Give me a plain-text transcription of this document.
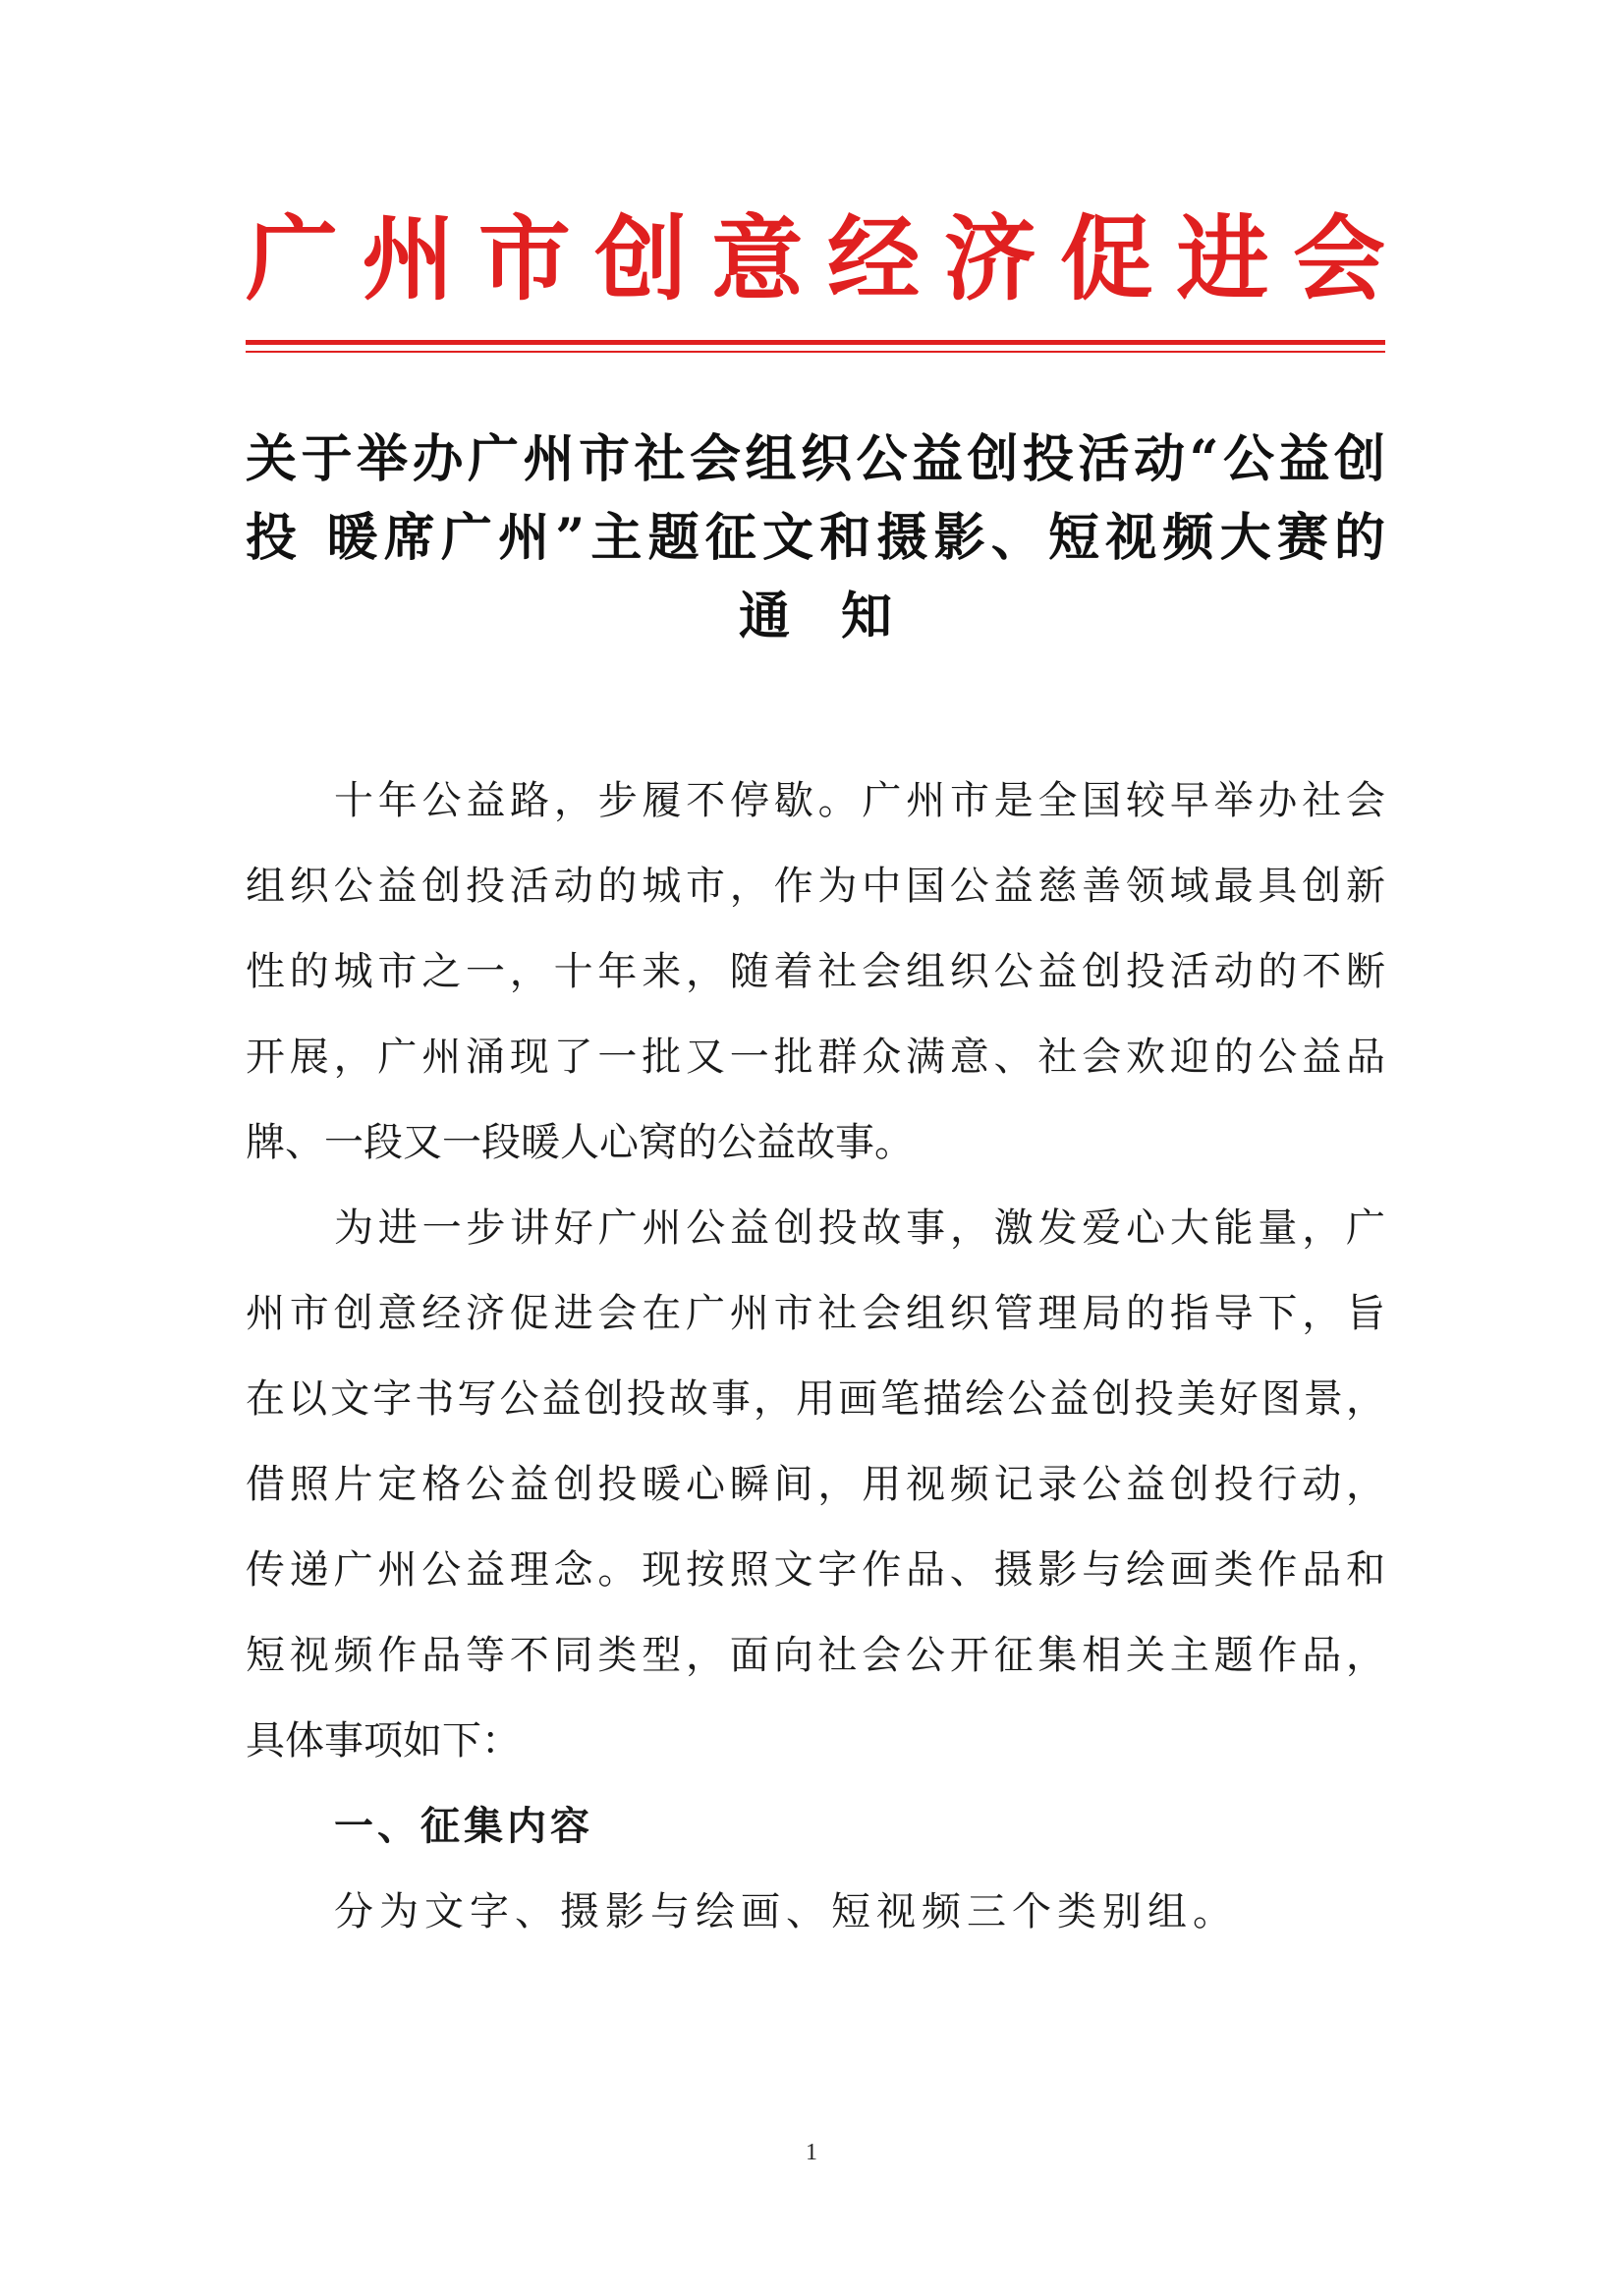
广州市创意经济促进会
关于举办广州市社会组织公益创投活动“公益创
投 暖席广州”主题征文和摄影、短视频大赛的
通知
十年公益路，步履不停歇。广州市是全国较早举办社会
组织公益创投活动的城市，作为中国公益慈善领域最具创新
性的城市之一，十年来，随着社会组织公益创投活动的不断
开展，广州涌现了一批又一批群众满意、社会欢迎的公益品
牌、一段又一段暖人心窝的公益故事。
为进一步讲好广州公益创投故事，激发爱心大能量，广
州市创意经济促进会在广州市社会组织管理局的指导下，旨
在以文字书写公益创投故事，用画笔描绘公益创投美好图景，
借照片定格公益创投暖心瞬间，用视频记录公益创投行动，
传递广州公益理念。现按照文字作品、摄影与绘画类作品和
短视频作品等不同类型，面向社会公开征集相关主题作品，
具体事项如下：
一、征集内容
分为文字、摄影与绘画、短视频三个类别组。
1
